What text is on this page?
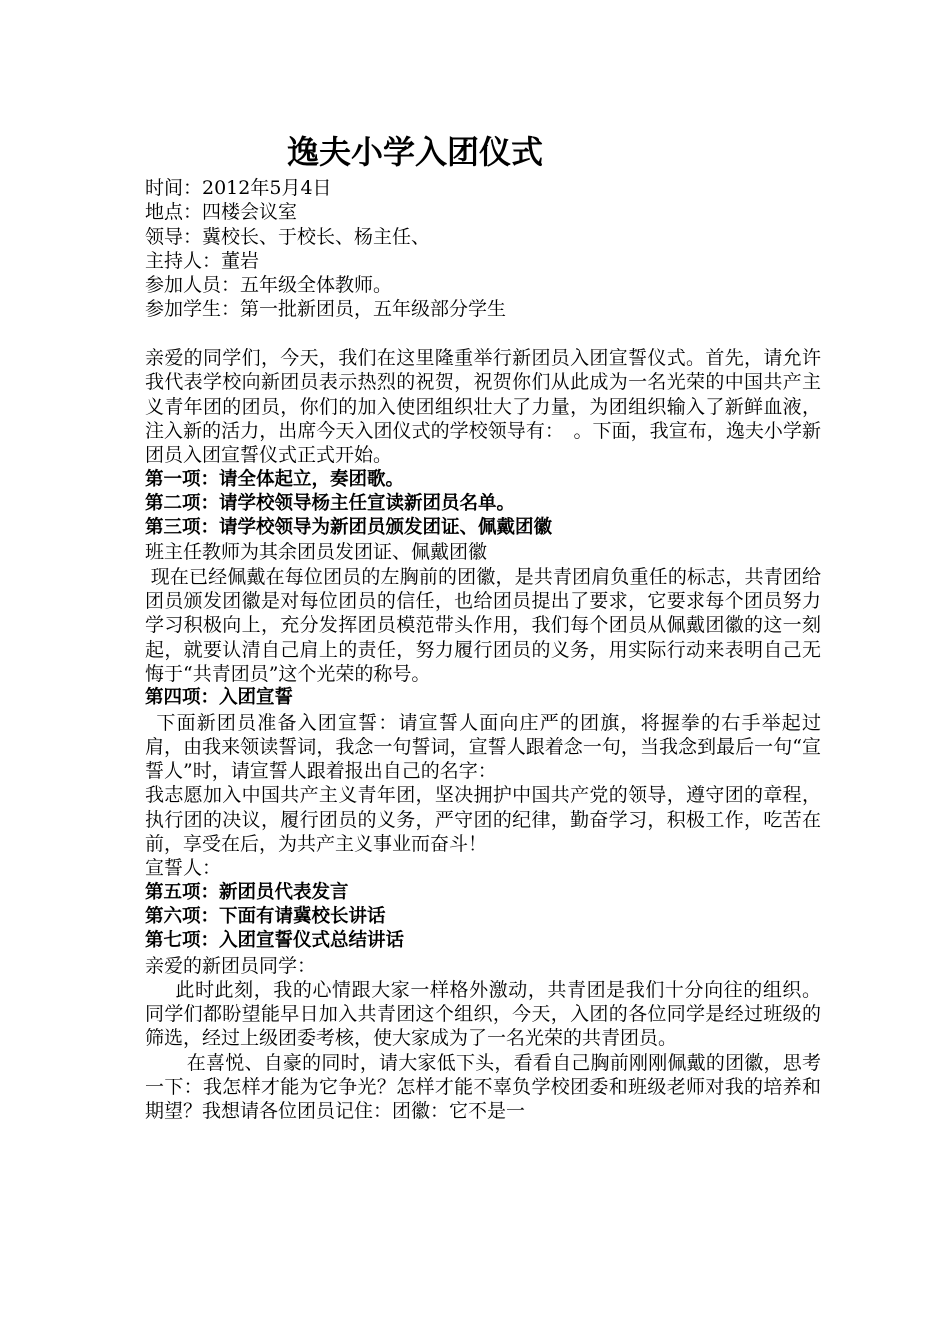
逸夫小学入团仪式

时间：2012年5月4日

地点：四楼会议室

领导：冀校长、于校长、杨主任、

主持人：董岩

参加人员：五年级全体教师。

参加学生：第一批新团员，五年级部分学生

亲爱的同学们，今天，我们在这里隆重举行新团员入团宣誓仪式。首先，请允许我代表学校向新团员表示热烈的祝贺，祝贺你们从此成为一名光荣的中国共产主义青年团的团员，你们的加入使团组织壮大了力量，为团组织输入了新鲜血液，注入新的活力，出席今天入团仪式的学校领导有：　。下面，我宣布，逸夫小学新团员入团宣誓仪式正式开始。

第一项：请全体起立，奏团歌。

第二项：请学校领导杨主任宣读新团员名单。

第三项：请学校领导为新团员颁发团证、佩戴团徽

班主任教师为其余团员发团证、佩戴团徽

现在已经佩戴在每位团员的左胸前的团徽，是共青团肩负重任的标志，共青团给团员颁发团徽是对每位团员的信任，也给团员提出了要求，它要求每个团员努力学习积极向上，充分发挥团员模范带头作用，我们每个团员从佩戴团徽的这一刻起，就要认清自己肩上的责任，努力履行团员的义务，用实际行动来表明自己无悔于“共青团员”这个光荣的称号。

第四项：入团宣誓

下面新团员准备入团宣誓：请宣誓人面向庄严的团旗，将握拳的右手举起过肩，由我来领读誓词，我念一句誓词，宣誓人跟着念一句，当我念到最后一句“宣誓人”时，请宣誓人跟着报出自己的名字：

我志愿加入中国共产主义青年团，坚决拥护中国共产党的领导，遵守团的章程，执行团的决议，履行团员的义务，严守团的纪律，勤奋学习，积极工作，吃苦在前，享受在后，为共产主义事业而奋斗！

宣誓人：

第五项：新团员代表发言

第六项：下面有请冀校长讲话

第七项：入团宣誓仪式总结讲话

亲爱的新团员同学：

此时此刻，我的心情跟大家一样格外激动，共青团是我们十分向往的组织。同学们都盼望能早日加入共青团这个组织，今天，入团的各位同学是经过班级的筛选，经过上级团委考核，使大家成为了一名光荣的共青团员。

在喜悦、自豪的同时，请大家低下头，看看自己胸前刚刚佩戴的团徽，思考一下：我怎样才能为它争光？怎样才能不辜负学校团委和班级老师对我的培养和期望？我想请各位团员记住：团徽：它不是一
